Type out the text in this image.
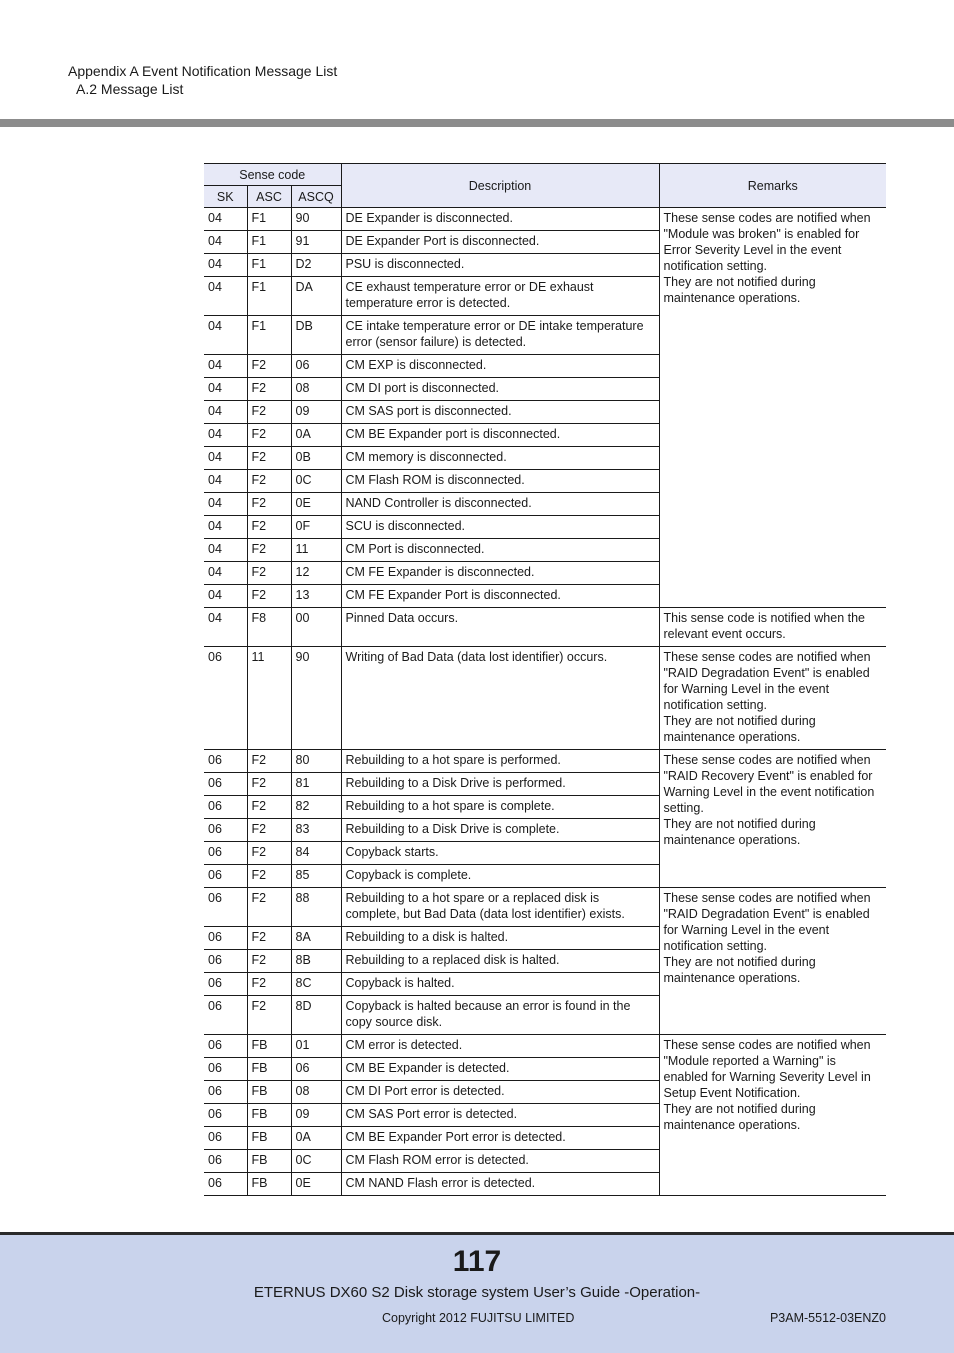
Appendix A Event Notification Message List
A.2 Message List
Sense code			Description	Remarks
SK	ASC	ASCQ		
04	F1	90	DE Expander is disconnected.	These sense codes are notified when "Module was broken" is enabled for Error Severity Level in the event notification setting.
They are not notified during maintenance operations.
04	F1	91	DE Expander Port is disconnected.	
04	F1	D2	PSU is disconnected.	
04	F1	DA	CE exhaust temperature error or DE exhaust temperature error is detected.	
04	F1	DB	CE intake temperature error or DE intake temperature error (sensor failure) is detected.	
04	F2	06	CM EXP is disconnected.	
04	F2	08	CM DI port is disconnected.	
04	F2	09	CM SAS port is disconnected.	
04	F2	0A	CM BE Expander port is disconnected.	
04	F2	0B	CM memory is disconnected.	
04	F2	0C	CM Flash ROM is disconnected.	
04	F2	0E	NAND Controller is disconnected.	
04	F2	0F	SCU is disconnected.	
04	F2	11	CM Port is disconnected.	
04	F2	12	CM FE Expander is disconnected.	
04	F2	13	CM FE Expander Port is disconnected.	
04	F8	00	Pinned Data occurs.	This sense code is notified when the relevant event occurs.
06	11	90	Writing of Bad Data (data lost identifier) occurs.	These sense codes are notified when "RAID Degradation Event" is enabled for Warning Level in the event notification setting.
They are not notified during maintenance operations.
06	F2	80	Rebuilding to a hot spare is performed.	These sense codes are notified when "RAID Recovery Event" is enabled for Warning Level in the event notification setting.
They are not notified during maintenance operations.
06	F2	81	Rebuilding to a Disk Drive is performed.	
06	F2	82	Rebuilding to a hot spare is complete.	
06	F2	83	Rebuilding to a Disk Drive is complete.	
06	F2	84	Copyback starts.	
06	F2	85	Copyback is complete.	
06	F2	88	Rebuilding to a hot spare or a replaced disk is complete, but Bad Data (data lost identifier) exists.	These sense codes are notified when "RAID Degradation Event" is enabled for Warning Level in the event notification setting.
They are not notified during maintenance operations.
06	F2	8A	Rebuilding to a disk is halted.	
06	F2	8B	Rebuilding to a replaced disk is halted.	
06	F2	8C	Copyback is halted.	
06	F2	8D	Copyback is halted because an error is found in the copy source disk.	
06	FB	01	CM error is detected.	These sense codes are notified when "Module reported a Warning" is enabled for Warning Severity Level in Setup Event Notification.
They are not notified during maintenance operations.
06	FB	06	CM BE Expander is detected.	
06	FB	08	CM DI Port error is detected.	
06	FB	09	CM SAS Port error is detected.	
06	FB	0A	CM BE Expander Port error is detected.	
06	FB	0C	CM Flash ROM error is detected.	
06	FB	0E	CM NAND Flash error is detected.	
117
ETERNUS DX60 S2 Disk storage system User’s Guide -Operation-
Copyright 2012 FUJITSU LIMITED	P3AM-5512-03ENZ0
